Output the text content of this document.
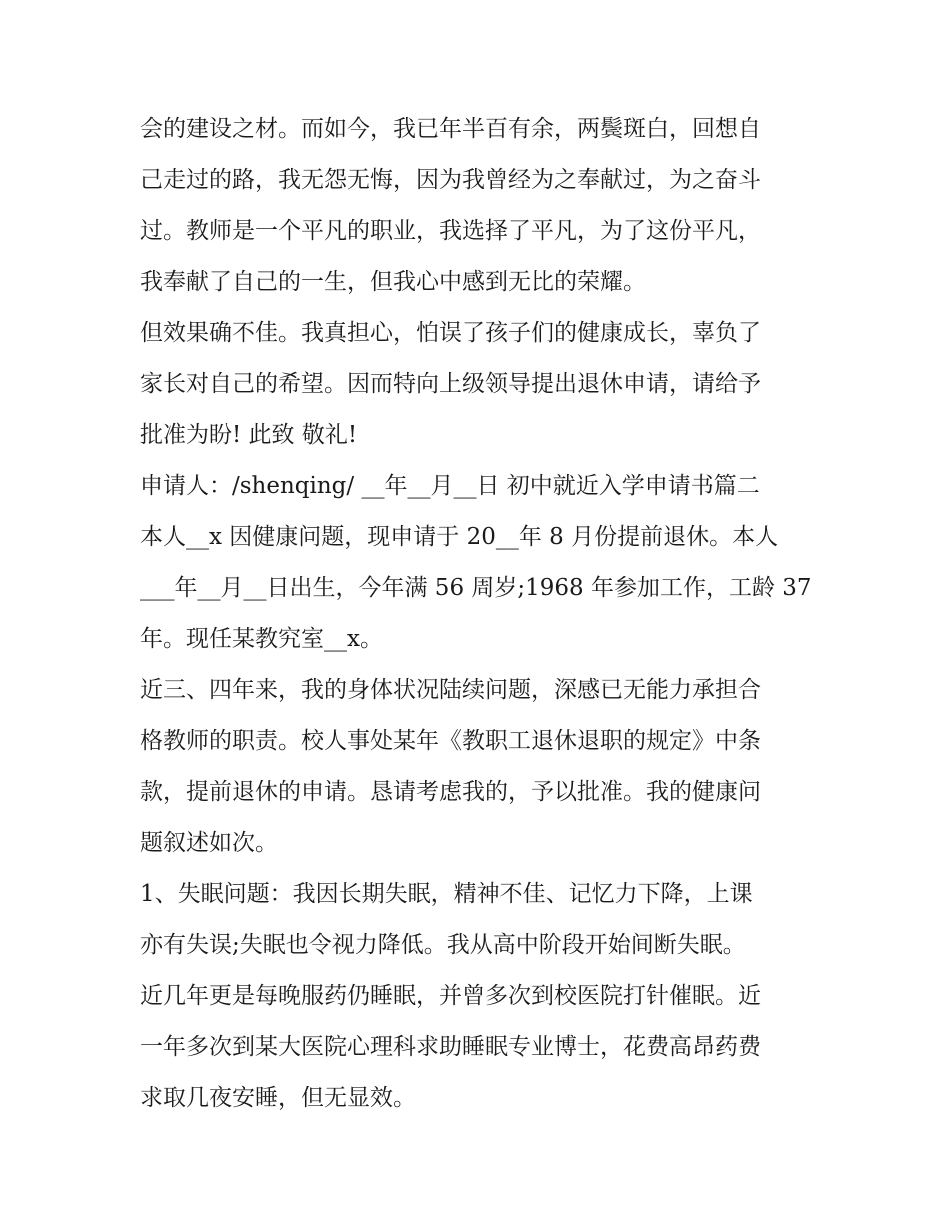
会的建设之材。而如今，我已年半百有余，两鬓斑白，回想自
己走过的路，我无怨无悔，因为我曾经为之奉献过，为之奋斗
过。教师是一个平凡的职业，我选择了平凡，为了这份平凡，
我奉献了自己的一生，但我心中感到无比的荣耀。

但效果确不佳。我真担心，怕误了孩子们的健康成长，辜负了
家长对自己的希望。因而特向上级领导提出退休申请，请给予
批准为盼! 此致 敬礼!

申请人：/shenqing/ __年__月__日 初中就近入学申请书篇二

本人__x 因健康问题，现申请于 20__年 8 月份提前退休。本人
___年__月__日出生，今年满 56 周岁;1968 年参加工作，工龄 37
年。现任某教究室__x。

近三、四年来，我的身体状况陆续问题，深感已无能力承担合
格教师的职责。校人事处某年《教职工退休退职的规定》中条
款，提前退休的申请。恳请考虑我的，予以批准。我的健康问
题叙述如次。

1、失眠问题：我因长期失眠，精神不佳、记忆力下降，上课
亦有失误;失眠也令视力降低。我从高中阶段开始间断失眠。
近几年更是每晚服药仍睡眠，并曾多次到校医院打针催眠。近
一年多次到某大医院心理科求助睡眠专业博士，花费高昂药费
求取几夜安睡，但无显效。
